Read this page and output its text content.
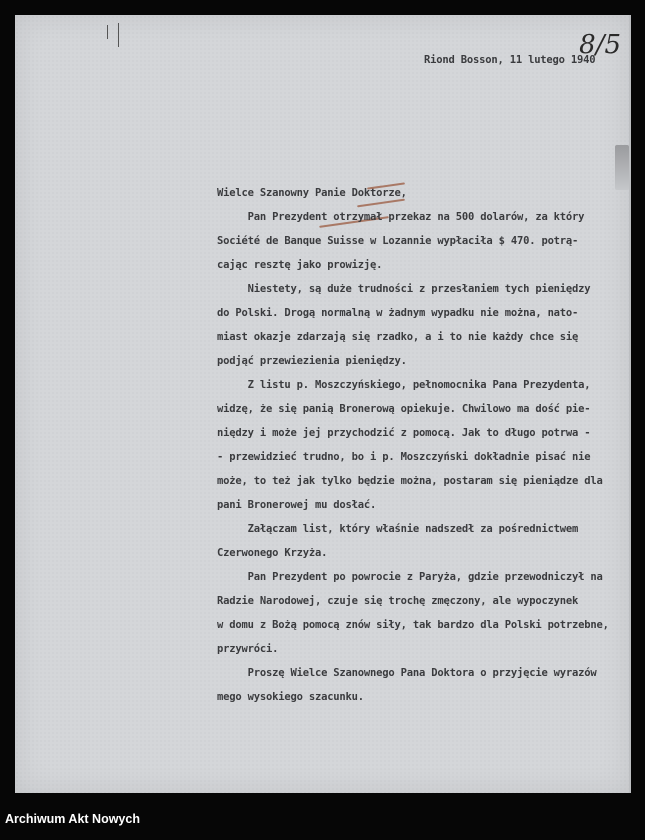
8/5
Riond Bosson, 11 lutego 1940
Wielce Szanowny Panie Doktorze,
Pan Prezydent otrzymał przekaz na 500 dolarów, za który
Société de Banque Suisse w Lozannie wypłaciła $ 470. potrą-
cając resztę jako prowizję.
Niestety, są duże trudności z przesłaniem tych pieniędzy
do Polski. Drogą normalną w żadnym wypadku nie można, nato-
miast okazje zdarzają się rzadko, a i to nie każdy chce się
podjąć przewiezienia pieniędzy.
Z listu p. Moszczyńskiego, pełnomocnika Pana Prezydenta,
widzę, że się panią Bronerową opiekuje. Chwilowo ma dość pie-
niędzy i może jej przychodzić z pomocą. Jak to długo potrwa -
- przewidzieć trudno, bo i p. Moszczyński dokładnie pisać nie
może, to też jak tylko będzie można, postaram się pieniądze dla
pani Bronerowej mu dosłać.
Załączam list, który właśnie nadszedł za pośrednictwem
Czerwonego Krzyża.
Pan Prezydent po powrocie z Paryża, gdzie przewodniczył na
Radzie Narodowej, czuje się trochę zmęczony, ale wypoczynek
w domu z Bożą pomocą znów siły, tak bardzo dla Polski potrzebne,
przywróci.
Proszę Wielce Szanownego Pana Doktora o przyjęcie wyrazów
mego wysokiego szacunku.
Archiwum Akt Nowych
